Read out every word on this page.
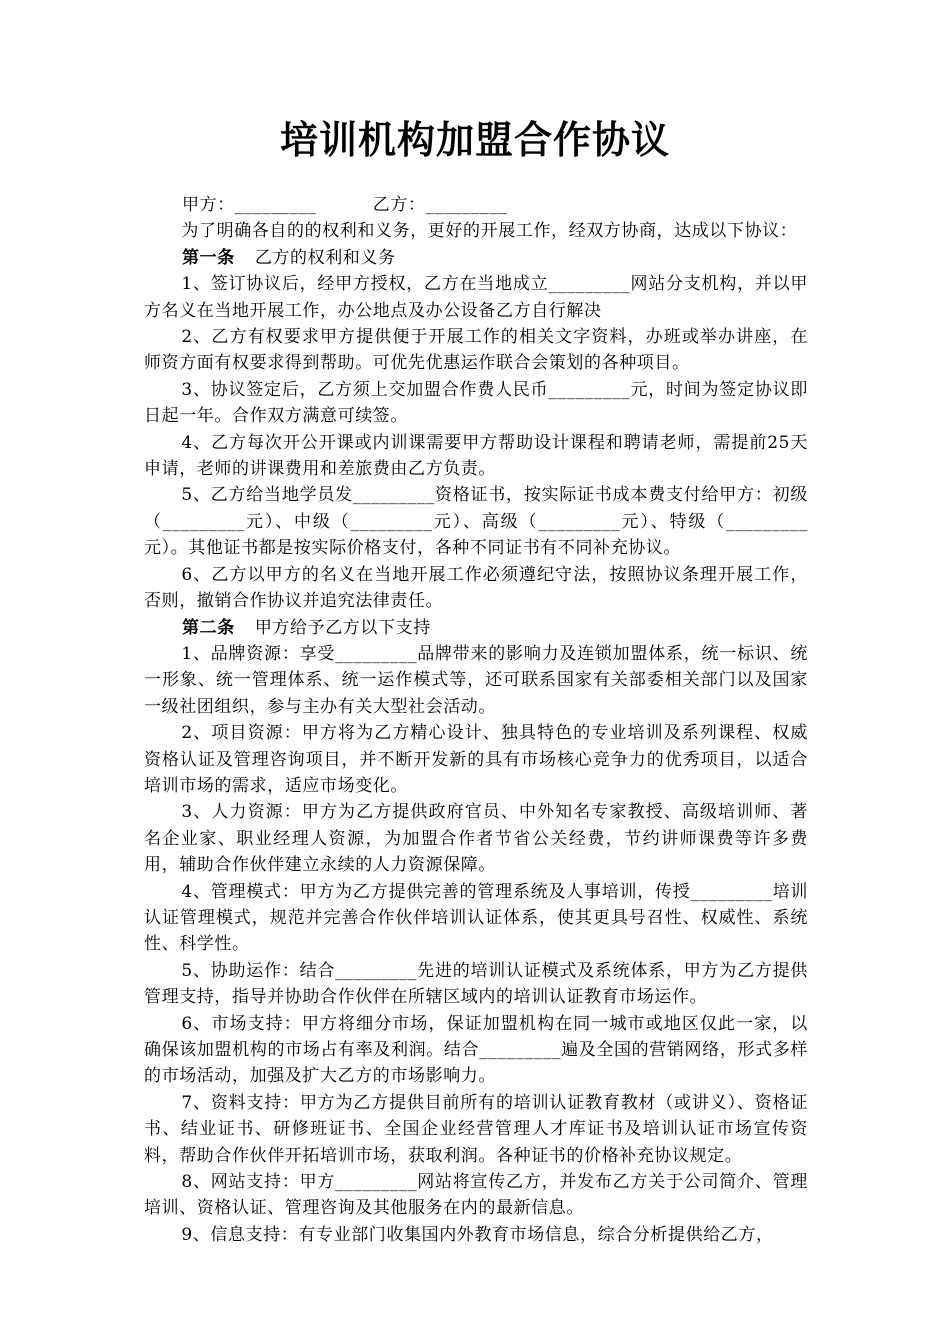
培训机构加盟合作协议
甲方：_________	乙方：_________

为了明确各自的的权利和义务，更好的开展工作，经双方协商，达成以下协议：

第一条 乙方的权利和义务

1、签订协议后，经甲方授权，乙方在当地成立_________网站分支机构，并以甲方名义在当地开展工作，办公地点及办公设备乙方自行解决

2、乙方有权要求甲方提供便于开展工作的相关文字资料，办班或举办讲座，在师资方面有权要求得到帮助。可优先优惠运作联合会策划的各种项目。

3、协议签定后，乙方须上交加盟合作费人民币_________元，时间为签定协议即日起一年。合作双方满意可续签。

4、乙方每次开公开课或内训课需要甲方帮助设计课程和聘请老师，需提前25天申请，老师的讲课费用和差旅费由乙方负责。

5、乙方给当地学员发_________资格证书，按实际证书成本费支付给甲方：初级（_________元）、中级（_________元）、高级（_________元）、特级（_________元）。其他证书都是按实际价格支付，各种不同证书有不同补充协议。

6、乙方以甲方的名义在当地开展工作必须遵纪守法，按照协议条理开展工作，否则，撤销合作协议并追究法律责任。

第二条 甲方给予乙方以下支持

1、品牌资源：享受_________品牌带来的影响力及连锁加盟体系，统一标识、统一形象、统一管理体系、统一运作模式等，还可联系国家有关部委相关部门以及国家一级社团组织，参与主办有关大型社会活动。

2、项目资源：甲方将为乙方精心设计、独具特色的专业培训及系列课程、权威资格认证及管理咨询项目，并不断开发新的具有市场核心竞争力的优秀项目，以适合培训市场的需求，适应市场变化。

3、人力资源：甲方为乙方提供政府官员、中外知名专家教授、高级培训师、著名企业家、职业经理人资源，为加盟合作者节省公关经费，节约讲师课费等许多费用，辅助合作伙伴建立永续的人力资源保障。

4、管理模式：甲方为乙方提供完善的管理系统及人事培训，传授_________培训认证管理模式，规范并完善合作伙伴培训认证体系，使其更具号召性、权威性、系统性、科学性。

5、协助运作：结合_________先进的培训认证模式及系统体系，甲方为乙方提供管理支持，指导并协助合作伙伴在所辖区域内的培训认证教育市场运作。

6、市场支持：甲方将细分市场，保证加盟机构在同一城市或地区仅此一家，以确保该加盟机构的市场占有率及利润。结合_________遍及全国的营销网络，形式多样的市场活动，加强及扩大乙方的市场影响力。

7、资料支持：甲方为乙方提供目前所有的培训认证教育教材（或讲义）、资格证书、结业证书、研修班证书、全国企业经营管理人才库证书及培训认证市场宣传资料，帮助合作伙伴开拓培训市场，获取利润。各种证书的价格补充协议规定。

8、网站支持：甲方_________网站将宣传乙方，并发布乙方关于公司简介、管理培训、资格认证、管理咨询及其他服务在内的最新信息。

9、信息支持：有专业部门收集国内外教育市场信息，综合分析提供给乙方，
